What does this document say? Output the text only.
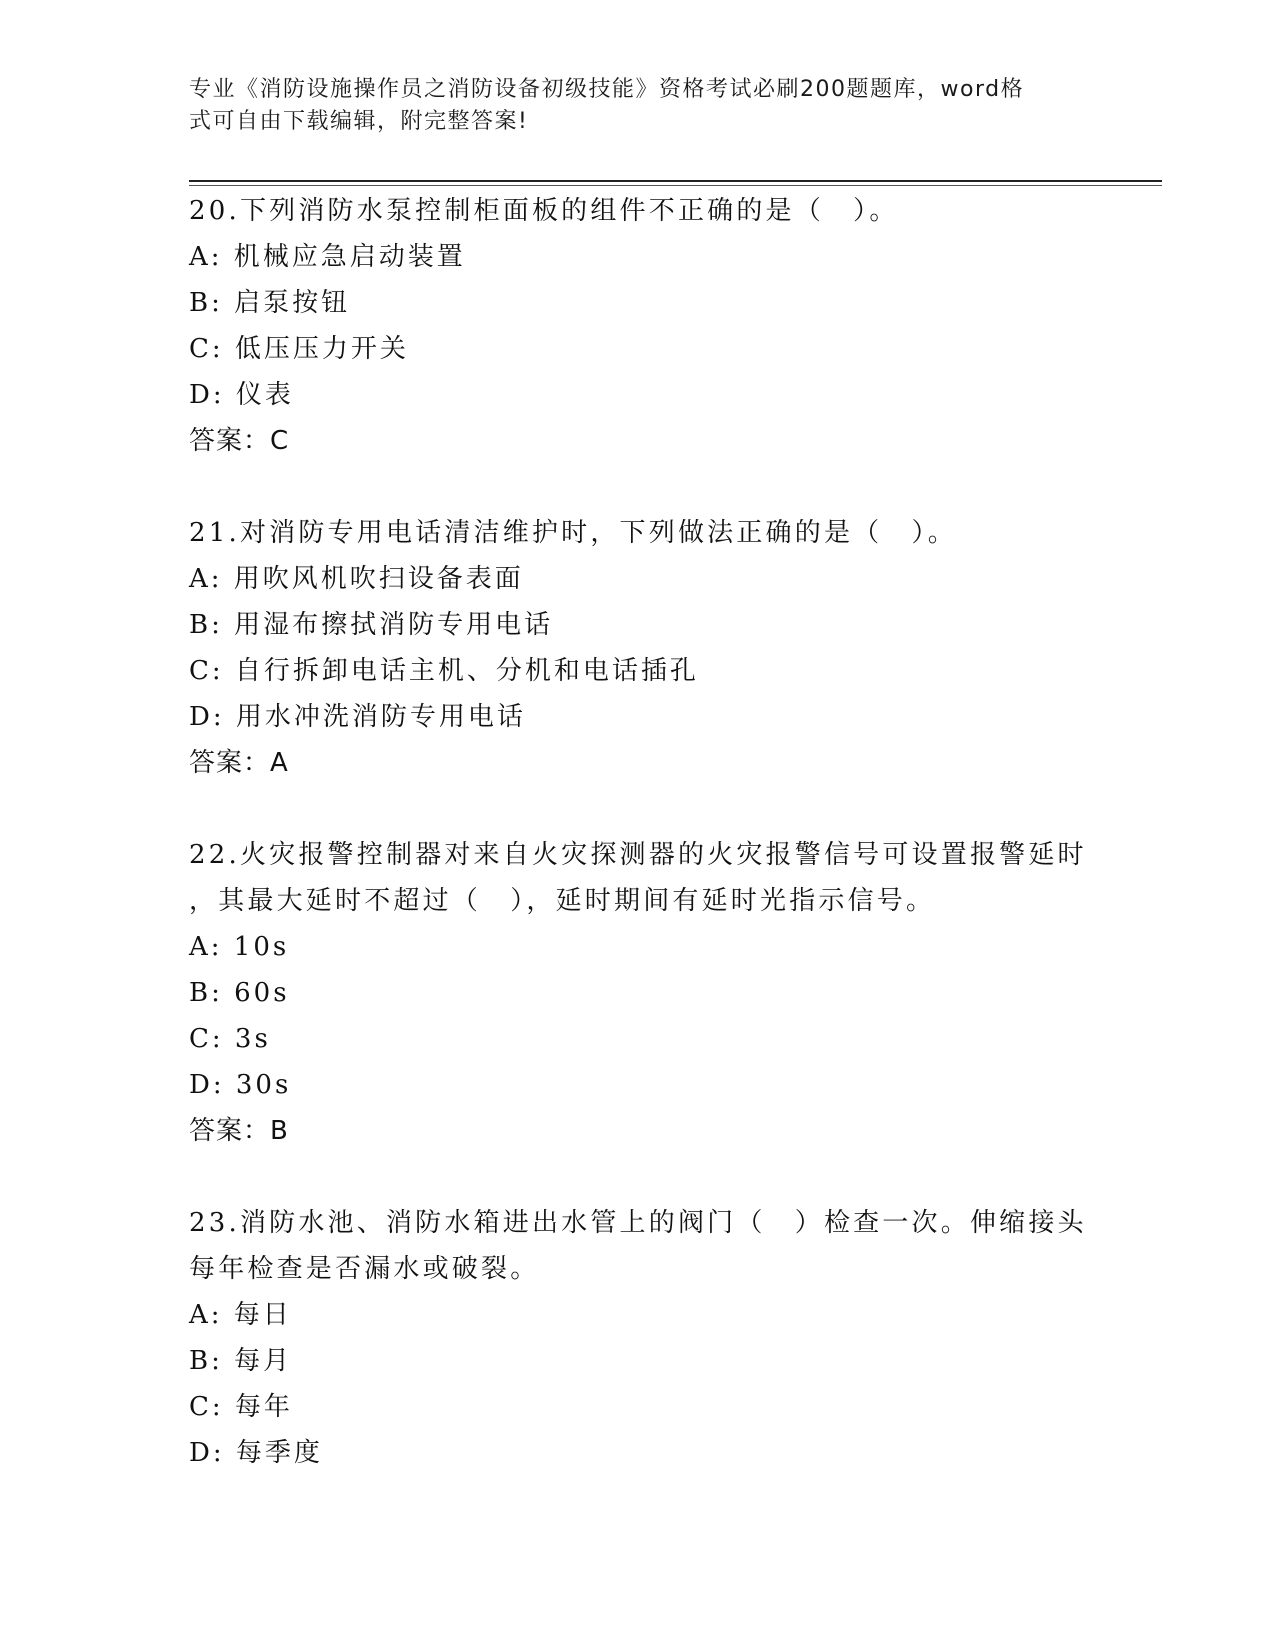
专业《消防设施操作员之消防设备初级技能》资格考试必刷200题题库，word格
式可自由下载编辑，附完整答案!
20.下列消防水泵控制柜面板的组件不正确的是（　）。
A: 机械应急启动装置
B: 启泵按钮
C: 低压压力开关
D: 仪表
答案：C
21.对消防专用电话清洁维护时，下列做法正确的是（　）。
A: 用吹风机吹扫设备表面
B: 用湿布擦拭消防专用电话
C: 自行拆卸电话主机、分机和电话插孔
D: 用水冲洗消防专用电话
答案：A
22.火灾报警控制器对来自火灾探测器的火灾报警信号可设置报警延时
，其最大延时不超过（　），延时期间有延时光指示信号。
A: 10s
B: 60s
C: 3s
D: 30s
答案：B
23.消防水池、消防水箱进出水管上的阀门（　）检查一次。伸缩接头
每年检查是否漏水或破裂。
A: 每日
B: 每月
C: 每年
D: 每季度
